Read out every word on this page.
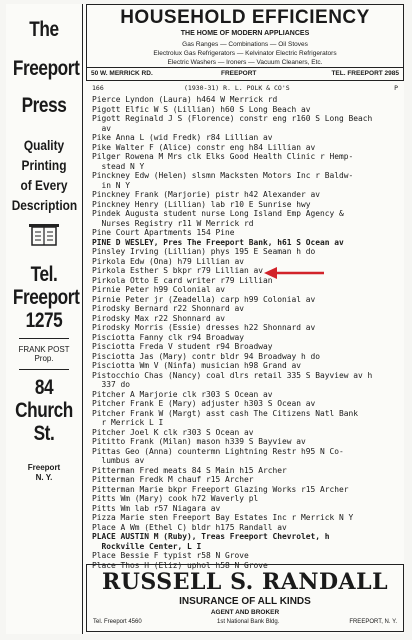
The
Freeport
Press
Quality
Printing
of Every
Description
Tel.
Freeport
1275
FRANK POST
Prop.
84
Church
St.
Freeport
N. Y.
HOUSEHOLD EFFICIENCY
THE HOME OF MODERN APPLIANCES
Gas Ranges — Combinations — Oil Stoves
Electrolux Gas Refrigerators — Kelvinator Electric Refrigerators
Electric Washers — Ironers — Vacuum Cleaners, Etc.
50 W. MERRICK RD.	FREEPORT	TEL. FREEPORT 2985
166	(1930-31) R. L. POLK & CO'S	P
Pierce Lyndon (Laura) h464 W Merrick rd
Pigott Elfic W S (Lillian) h60 S Long Beach av
Pigott Reginald J S (Florence) constr eng r160 S Long Beach
av
Pike Anna L (wid Fredk) r84 Lillian av
Pike Walter F (Alice) constr eng h84 Lillian av
Pilger Rowena M Mrs clk Elks Good Health Clinic r Hemp-
stead N Y
Pinckney Edw (Helen) slsmn Macksten Motors Inc r Baldw-
in N Y
Pinckney Frank (Marjorie) pistr h42 Alexander av
Pinckney Henry (Lillian) lab r10 E Sunrise hwy
Pindek Augusta student nurse Long Island Emp Agency &
Nurses Registry r11 W Merrick rd
Pine Court Apartments 154 Pine
PINE D WESLEY, Pres The Freeport Bank, h61 S Ocean av
Pinsley Irving (Lillian) phys 195 E Seaman h do
Pirkola Edw (Ona) h79 Lillian av
Pirkola Esther S bkpr r79 Lillian av
Pirkola Otto E card writer r79 Lillian
Pirnie Peter h99 Colonial av
Pirnie Peter jr (Zeadella) carp h99 Colonial av
Pirodsky Bernard r22 Shonnard av
Pirodsky Max r22 Shonnard av
Pirodsky Morris (Essie) dresses h22 Shonnard av
Pisciotta Fanny clk r94 Broadway
Pisciotta Freda V student r94 Broadway
Pisciotta Jas (Mary) contr bldr 94 Broadway h do
Pisciotta Wm V (Ninfa) musician h98 Grand av
Pistocchio Chas (Nancy) coal dlrs retail 335 S Bayview av h
337 do
Pitcher A Marjorie clk r303 S Ocean av
Pitcher Frank E (Mary) adjuster h303 S Ocean av
Pitcher Frank W (Margt) asst cash The Citizens Natl Bank
r Merrick L I
Pitcher Joel K clk r303 S Ocean av
Pititto Frank (Milan) mason h339 S Bayview av
Pittas Geo (Anna) countermn Lightning Restr h95 N Co-
lumbus av
Pitterman Fred meats 84 S Main h15 Archer
Pitterman Fredk M chauf r15 Archer
Pitterman Marie bkpr Freeport Glazing Works r15 Archer
Pitts Wm (Mary) cook h72 Waverly pl
Pitts Wm lab r57 Niagara av
Pizza Marie sten Freeport Bay Estates Inc r Merrick N Y
Place A Wm (Ethel C) bldr h175 Randall av
PLACE AUSTIN M (Ruby), Treas Freeport Chevrolet, h
Rockville Center, L I
Place Bessie F typist r58 N Grove
Place Thos H (Eliz) uphol h58 N Grove
RUSSELL S. RANDALL
INSURANCE OF ALL KINDS
AGENT AND BROKER
Tel. Freeport 4560	1st National Bank Bldg.	FREEPORT, N. Y.
